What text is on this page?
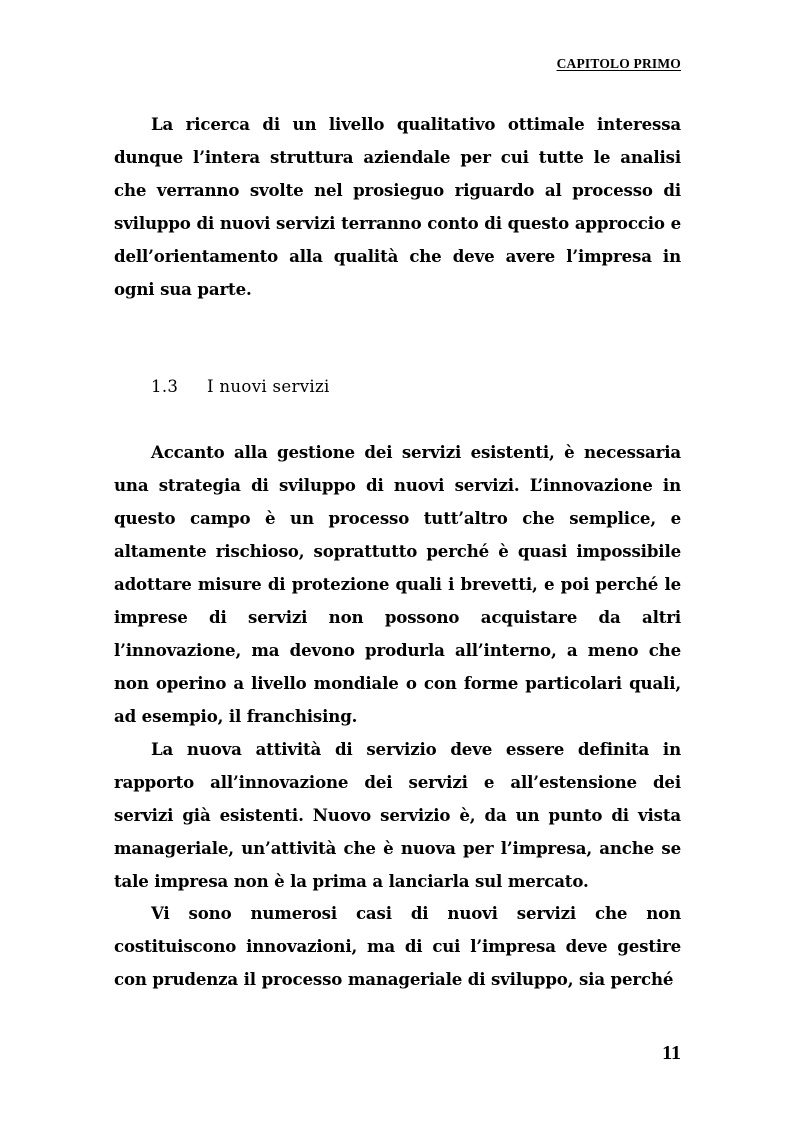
CAPITOLO PRIMO

La ricerca di un livello qualitativo ottimale interessa dunque l’intera struttura aziendale per cui tutte le analisi che verranno svolte nel prosieguo riguardo al processo di sviluppo di nuovi servizi terranno conto di questo approccio e dell’orientamento alla qualità che deve avere l’impresa in ogni sua parte.

1.3 I nuovi servizi

Accanto alla gestione dei servizi esistenti, è necessaria una strategia di sviluppo di nuovi servizi. L’innovazione in questo campo è un processo tutt’altro che semplice, e altamente rischioso, soprattutto perché è quasi impossibile adottare misure di protezione quali i brevetti, e poi perché le imprese di servizi non possono acquistare da altri l’innovazione, ma devono produrla all’interno, a meno che non operino a livello mondiale o con forme particolari quali, ad esempio, il franchising.

La nuova attività di servizio deve essere definita in rapporto all’innovazione dei servizi e all’estensione dei servizi già esistenti. Nuovo servizio è, da un punto di vista manageriale, un’attività che è nuova per l’impresa, anche se tale impresa non è la prima a lanciarla sul mercato.

Vi sono numerosi casi di nuovi servizi che non costituiscono innovazioni, ma di cui l’impresa deve gestire con prudenza il processo manageriale di sviluppo, sia perché

11
